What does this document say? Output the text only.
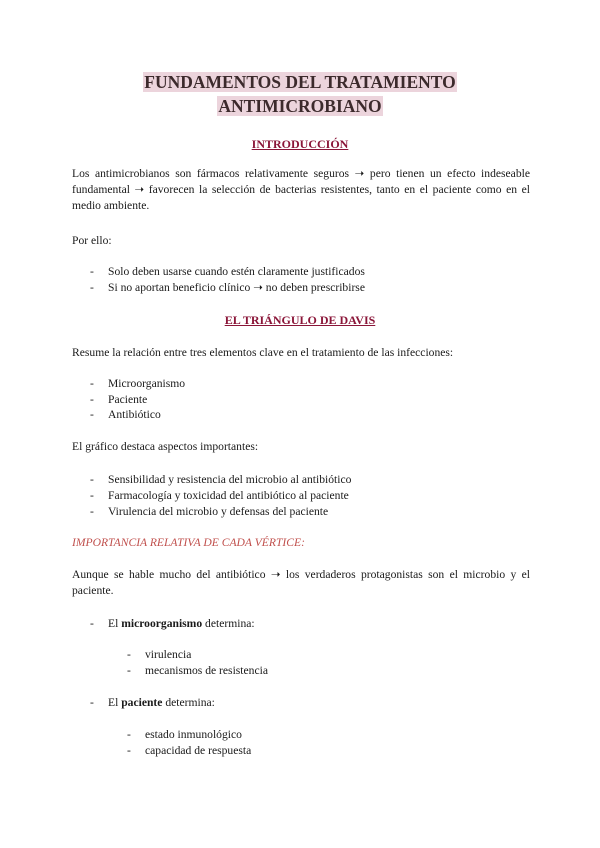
FUNDAMENTOS DEL TRATAMIENTO
ANTIMICROBIANO
INTRODUCCIÓN

Los antimicrobianos son fármacos relativamente seguros ➝ pero tienen un efecto indeseable fundamental ➝ favorecen la selección de bacterias resistentes, tanto en el paciente como en el medio ambiente.

Por ello:
- Solo deben usarse cuando estén claramente justificados
- Si no aportan beneficio clínico ➝ no deben prescribirse
EL TRIÁNGULO DE DAVIS
Resume la relación entre tres elementos clave en el tratamiento de las infecciones:
- Microorganismo
- Paciente
- Antibiótico
El gráfico destaca aspectos importantes:
- Sensibilidad y resistencia del microbio al antibiótico
- Farmacología y toxicidad del antibiótico al paciente
- Virulencia del microbio y defensas del paciente
IMPORTANCIA RELATIVA DE CADA VÉRTICE:

Aunque se hable mucho del antibiótico ➝ los verdaderos protagonistas son el microbio y el paciente.

- El microorganismo determina:
- virulencia
- mecanismos de resistencia
- El paciente determina:
- estado inmunológico
- capacidad de respuesta
